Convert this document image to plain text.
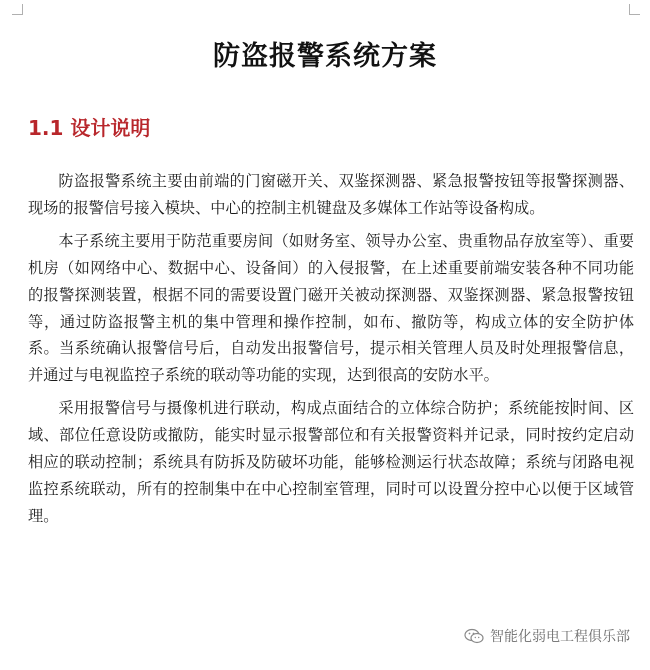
防盗报警系统方案
1.1 设计说明

防盗报警系统主要由前端的门窗磁开关、双鉴探测器、紧急报警按钮等报警探测器、现场的报警信号接入模块、中心的控制主机键盘及多媒体工作站等设备构成。

本子系统主要用于防范重要房间（如财务室、领导办公室、贵重物品存放室等）、重要机房（如网络中心、数据中心、设备间）的入侵报警，在上述重要前端安装各种不同功能的报警探测装置，根据不同的需要设置门磁开关被动探测器、双鉴探测器、紧急报警按钮等，通过防盗报警主机的集中管理和操作控制，如布、撤防等，构成立体的安全防护体系。当系统确认报警信号后，自动发出报警信号，提示相关管理人员及时处理报警信息，并通过与电视监控子系统的联动等功能的实现，达到很高的安防水平。

采用报警信号与摄像机进行联动，构成点面结合的立体综合防护；系统能按 时间、区域、部位任意设防或撤防，能实时显示报警部位和有关报警资料并记录，同时按约定启动相应的联动控制；系统具有防拆及防破坏功能，能够检测运行状态故障；系统与闭路电视监控系统联动，所有的控制集中在中心控制室管理，同时可以设置分控中心以便于区域管理。

智能化弱电工程俱乐部
